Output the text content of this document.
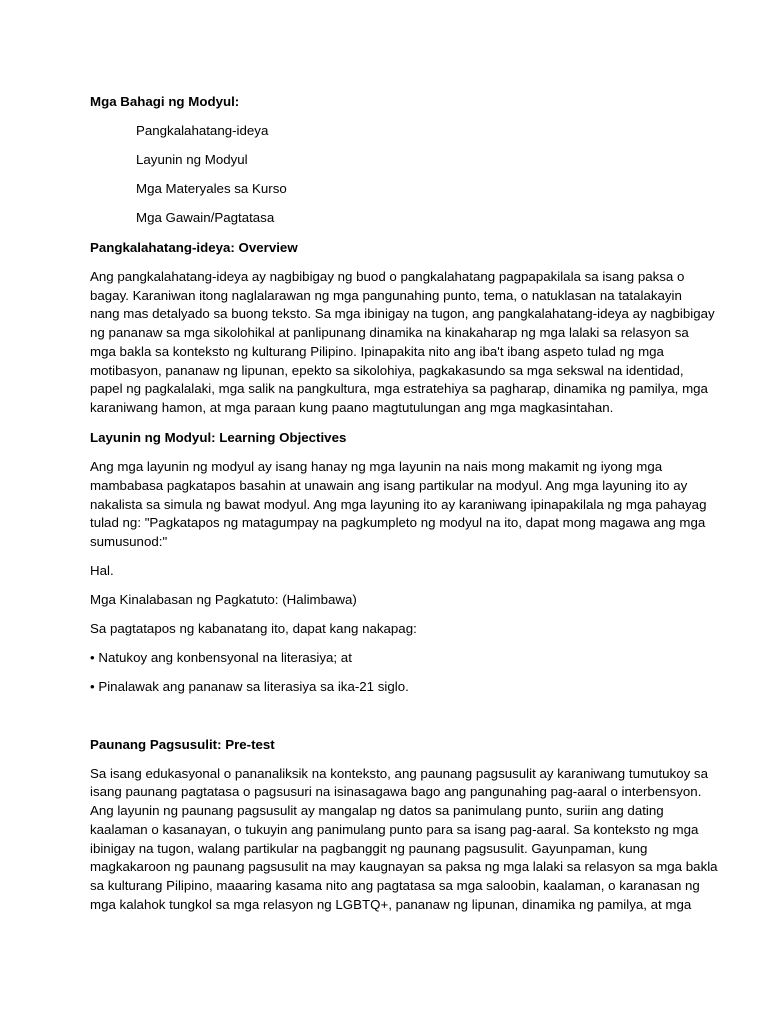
Mga Bahagi ng Modyul:
Pangkalahatang-ideya
Layunin ng Modyul
Mga Materyales sa Kurso
Mga Gawain/Pagtatasa
Pangkalahatang-ideya: Overview
Ang pangkalahatang-ideya ay nagbibigay ng buod o pangkalahatang pagpapakilala sa isang paksa o
bagay. Karaniwan itong naglalarawan ng mga pangunahing punto, tema, o natuklasan na tatalakayin
nang mas detalyado sa buong teksto. Sa mga ibinigay na tugon, ang pangkalahatang-ideya ay nagbibigay
ng pananaw sa mga sikolohikal at panlipunang dinamika na kinakaharap ng mga lalaki sa relasyon sa
mga bakla sa konteksto ng kulturang Pilipino. Ipinapakita nito ang iba't ibang aspeto tulad ng mga
motibasyon, pananaw ng lipunan, epekto sa sikolohiya, pagkakasundo sa mga sekswal na identidad,
papel ng pagkalalaki, mga salik na pangkultura, mga estratehiya sa pagharap, dinamika ng pamilya, mga
karaniwang hamon, at mga paraan kung paano magtutulungan ang mga magkasintahan.
Layunin ng Modyul: Learning Objectives
Ang mga layunin ng modyul ay isang hanay ng mga layunin na nais mong makamit ng iyong mga
mambabasa pagkatapos basahin at unawain ang isang partikular na modyul. Ang mga layuning ito ay
nakalista sa simula ng bawat modyul. Ang mga layuning ito ay karaniwang ipinapakilala ng mga pahayag
tulad ng: "Pagkatapos ng matagumpay na pagkumpleto ng modyul na ito, dapat mong magawa ang mga
sumusunod:"
Hal.
Mga Kinalabasan ng Pagkatuto: (Halimbawa)
Sa pagtatapos ng kabanatang ito, dapat kang nakapag:
• Natukoy ang konbensyonal na literasiya; at
• Pinalawak ang pananaw sa literasiya sa ika-21 siglo.
Paunang Pagsusulit: Pre-test
Sa isang edukasyonal o pananaliksik na konteksto, ang paunang pagsusulit ay karaniwang tumutukoy sa
isang paunang pagtatasa o pagsusuri na isinasagawa bago ang pangunahing pag-aaral o interbensyon.
Ang layunin ng paunang pagsusulit ay mangalap ng datos sa panimulang punto, suriin ang dating
kaalaman o kasanayan, o tukuyin ang panimulang punto para sa isang pag-aaral. Sa konteksto ng mga
ibinigay na tugon, walang partikular na pagbanggit ng paunang pagsusulit. Gayunpaman, kung
magkakaroon ng paunang pagsusulit na may kaugnayan sa paksa ng mga lalaki sa relasyon sa mga bakla
sa kulturang Pilipino, maaaring kasama nito ang pagtatasa sa mga saloobin, kaalaman, o karanasan ng
mga kalahok tungkol sa mga relasyon ng LGBTQ+, pananaw ng lipunan, dinamika ng pamilya, at mga
